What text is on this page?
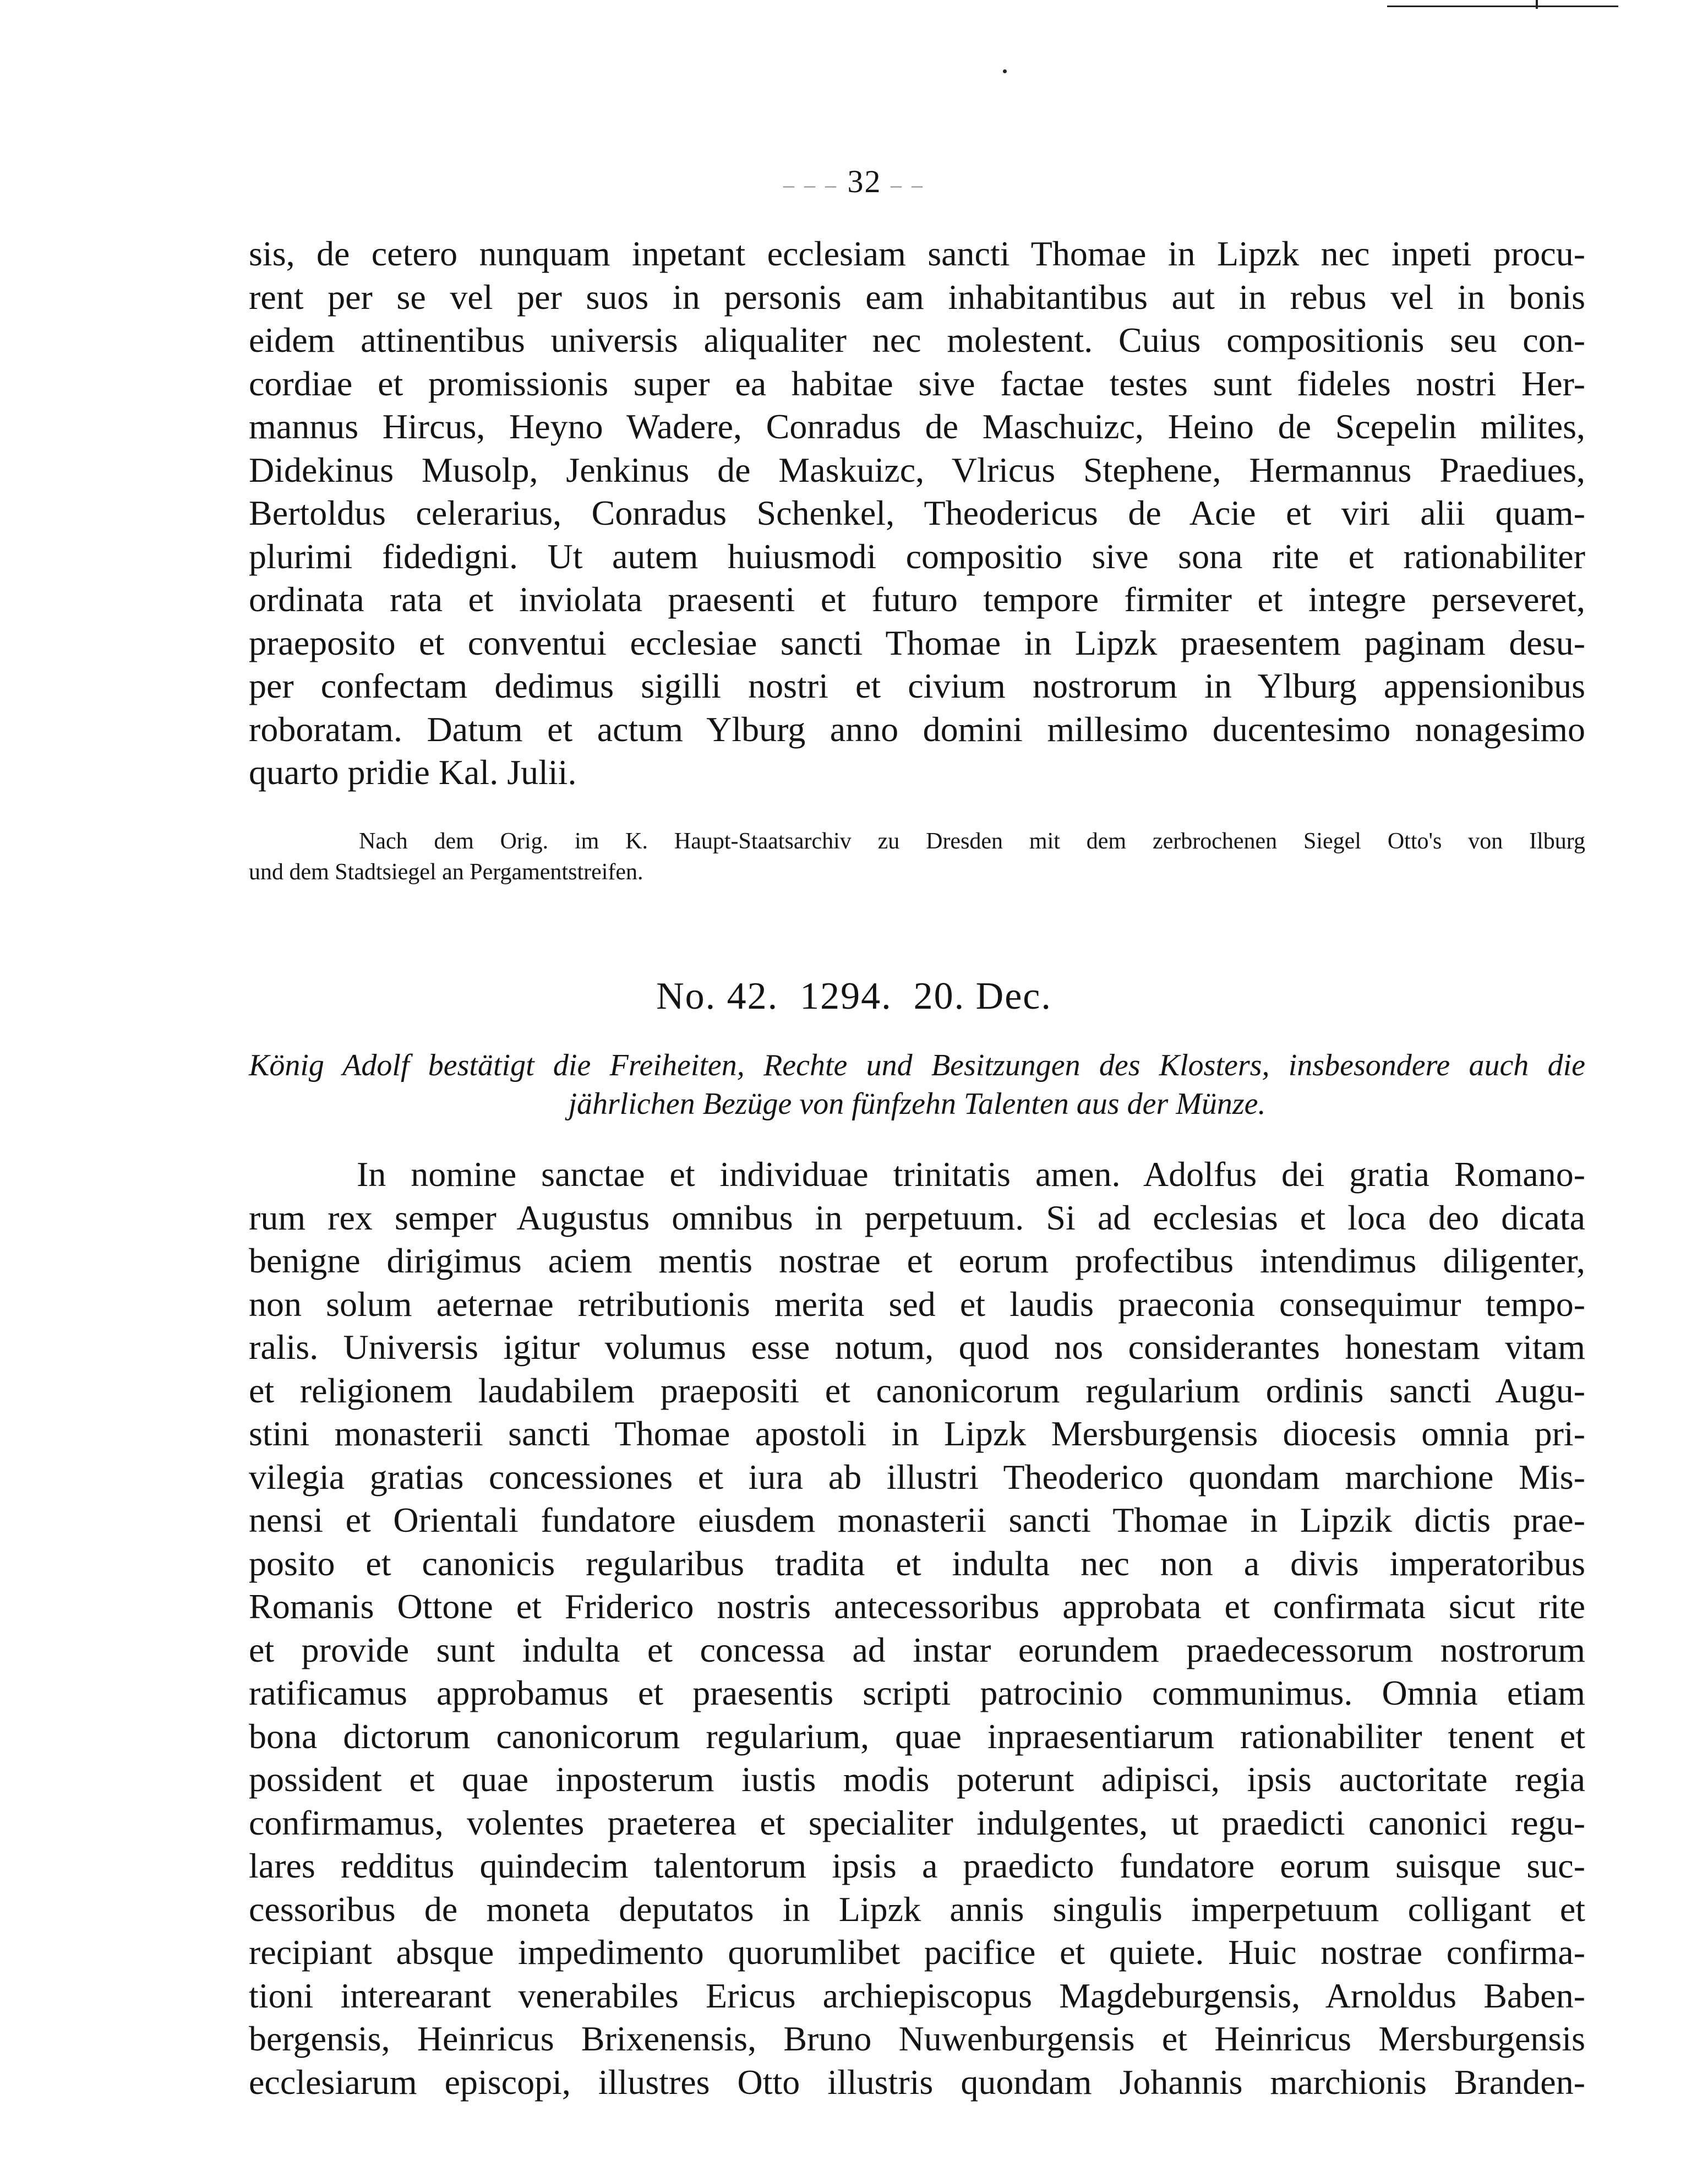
– – – 32 – –
sis, de cetero nunquam inpetant ecclesiam sancti Thomae in Lipzk nec inpeti procu-
rent per se vel per suos in personis eam inhabitantibus aut in rebus vel in bonis
eidem attinentibus universis aliqualiter nec molestent. Cuius compositionis seu con-
cordiae et promissionis super ea habitae sive factae testes sunt fideles nostri Her-
mannus Hircus, Heyno Wadere, Conradus de Maschuizc, Heino de Scepelin milites,
Didekinus Musolp, Jenkinus de Maskuizc, Vlricus Stephene, Hermannus Praediues,
Bertoldus celerarius, Conradus Schenkel, Theodericus de Acie et viri alii quam-
plurimi fidedigni. Ut autem huiusmodi compositio sive sona rite et rationabiliter
ordinata rata et inviolata praesenti et futuro tempore firmiter et integre perseveret,
praeposito et conventui ecclesiae sancti Thomae in Lipzk praesentem paginam desu-
per confectam dedimus sigilli nostri et civium nostrorum in Ylburg appensionibus
roboratam. Datum et actum Ylburg anno domini millesimo ducentesimo nonagesimo
quarto pridie Kal. Julii.
Nach dem Orig. im K. Haupt-Staatsarchiv zu Dresden mit dem zerbrochenen Siegel Otto's von Ilburg
und dem Stadtsiegel an Pergamentstreifen.
No. 42.  1294.  20. Dec.
König Adolf bestätigt die Freiheiten, Rechte und Besitzungen des Klosters, insbesondere auch die
jährlichen Bezüge von fünfzehn Talenten aus der Münze.
In nomine sanctae et individuae trinitatis amen. Adolfus dei gratia Romano-
rum rex semper Augustus omnibus in perpetuum. Si ad ecclesias et loca deo dicata
benigne dirigimus aciem mentis nostrae et eorum profectibus intendimus diligenter,
non solum aeternae retributionis merita sed et laudis praeconia consequimur tempo-
ralis. Universis igitur volumus esse notum, quod nos considerantes honestam vitam
et religionem laudabilem praepositi et canonicorum regularium ordinis sancti Augu-
stini monasterii sancti Thomae apostoli in Lipzk Mersburgensis diocesis omnia pri-
vilegia gratias concessiones et iura ab illustri Theoderico quondam marchione Mis-
nensi et Orientali fundatore eiusdem monasterii sancti Thomae in Lipzik dictis prae-
posito et canonicis regularibus tradita et indulta nec non a divis imperatoribus
Romanis Ottone et Friderico nostris antecessoribus approbata et confirmata sicut rite
et provide sunt indulta et concessa ad instar eorundem praedecessorum nostrorum
ratificamus approbamus et praesentis scripti patrocinio communimus. Omnia etiam
bona dictorum canonicorum regularium, quae inpraesentiarum rationabiliter tenent et
possident et quae inposterum iustis modis poterunt adipisci, ipsis auctoritate regia
confirmamus, volentes praeterea et specialiter indulgentes, ut praedicti canonici regu-
lares redditus quindecim talentorum ipsis a praedicto fundatore eorum suisque suc-
cessoribus de moneta deputatos in Lipzk annis singulis imperpetuum colligant et
recipiant absque impedimento quorumlibet pacifice et quiete. Huic nostrae confirma-
tioni interearant venerabiles Ericus archiepiscopus Magdeburgensis, Arnoldus Baben-
bergensis, Heinricus Brixenensis, Bruno Nuwenburgensis et Heinricus Mersburgensis
ecclesiarum episcopi, illustres Otto illustris quondam Johannis marchionis Branden-
